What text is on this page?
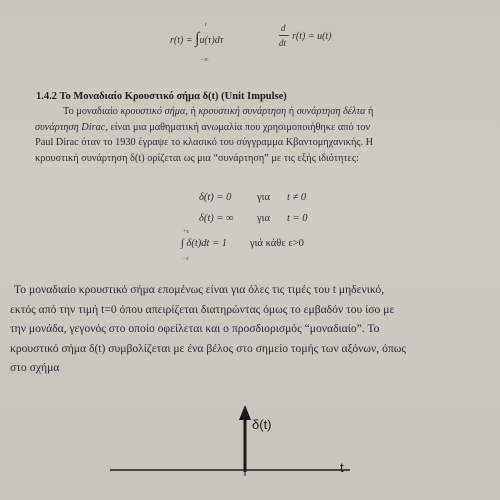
r(t) = ∫u(τ)dτ
t
−∞
d
dt
r(t) = u(t)
1.4.2 Το Μοναδιαίο Κρουστικό σήμα δ(t) (Unit Impulse)

Το μοναδιαίο κρουστικό σήμα, ή κρουστική συνάρτηση ή συνάρτηση δέλτα ή

συνάρτηση Dirac, είναι μια μαθηματική ανωμαλία που χρησιμοποιήθηκε από τον

Paul Dirac όταν το 1930 έγραψε το κλασικό του σύγγραμμα Κβαντομηχανικής. Η

κρουστική συνάρτηση δ(t) ορίζεται ως μια “συνάρτηση” με τις εξής ιδιότητες:

δ(t) = 0 για t ≠ 0
δ(t) = ∞ για t = 0
+ε
∫ δ(t)dt = 1
−ε
γιά κάθε ε>0

Το μοναδιαίο κρουστικό σήμα επομένως είναι για όλες τις τιμές του t μηδενικό,

εκτός από την τιμή t=0 όπου απειρίζεται διατηρώντας όμως το εμβαδόν του ίσο με

την μονάδα, γεγονός στο οποίο οφείλεται και ο προσδιορισμός “μοναδιαίο”. Το

κρουστικό σήμα δ(t) συμβολίζεται με ένα βέλος στο σημείο τομής των αξόνων, όπως

στο σχήμα

δ(t)
t
